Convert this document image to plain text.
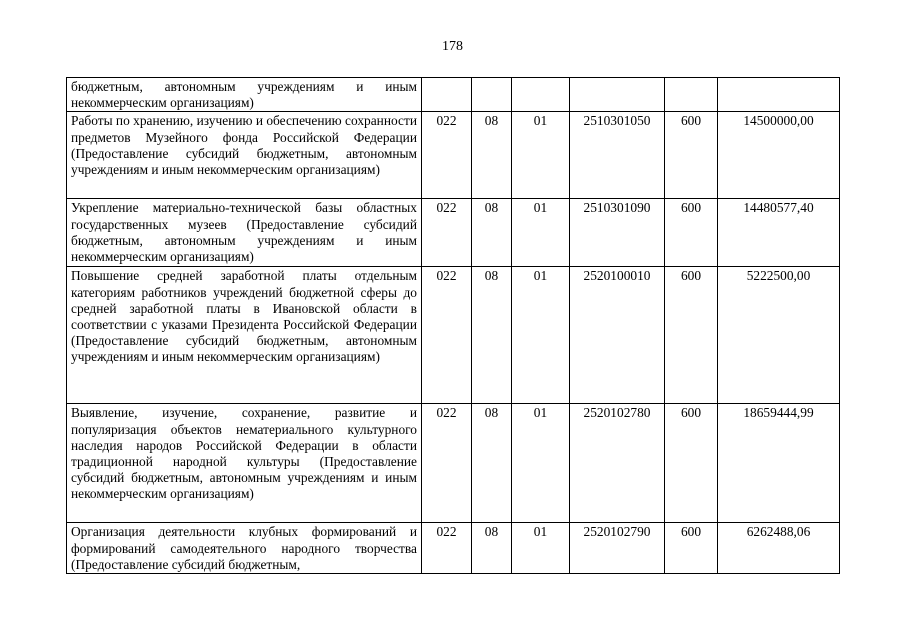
178
бюджетным, автономным учреждениям и иным некоммерческим организациям)						
Работы по хранению, изучению и обеспечению сохранности предметов Музейного фонда Российской Федерации (Предоставление субсидий бюджетным, автономным учреждениям и иным некоммерческим организациям)	022	08	01	2510301050	600	14500000,00
Укрепление материально-технической базы областных государственных музеев (Предоставление субсидий бюджетным, автономным учреждениям и иным некоммерческим организациям)	022	08	01	2510301090	600	14480577,40
Повышение средней заработной платы отдельным категориям работников учреждений бюджетной сферы до средней заработной платы в Ивановской области в соответствии с указами Президента Российской Федерации (Предоставление субсидий бюджетным, автономным учреждениям и иным некоммерческим организациям)	022	08	01	2520100010	600	5222500,00
Выявление, изучение, сохранение, развитие и популяризация объектов нематериального культурного наследия народов Российской Федерации в области традиционной народной культуры (Предоставление субсидий бюджетным, автономным учреждениям и иным некоммерческим организациям)	022	08	01	2520102780	600	18659444,99
Организация деятельности клубных формирований и формирований самодеятельного народного творчества (Предоставление субсидий бюджетным,	022	08	01	2520102790	600	6262488,06
